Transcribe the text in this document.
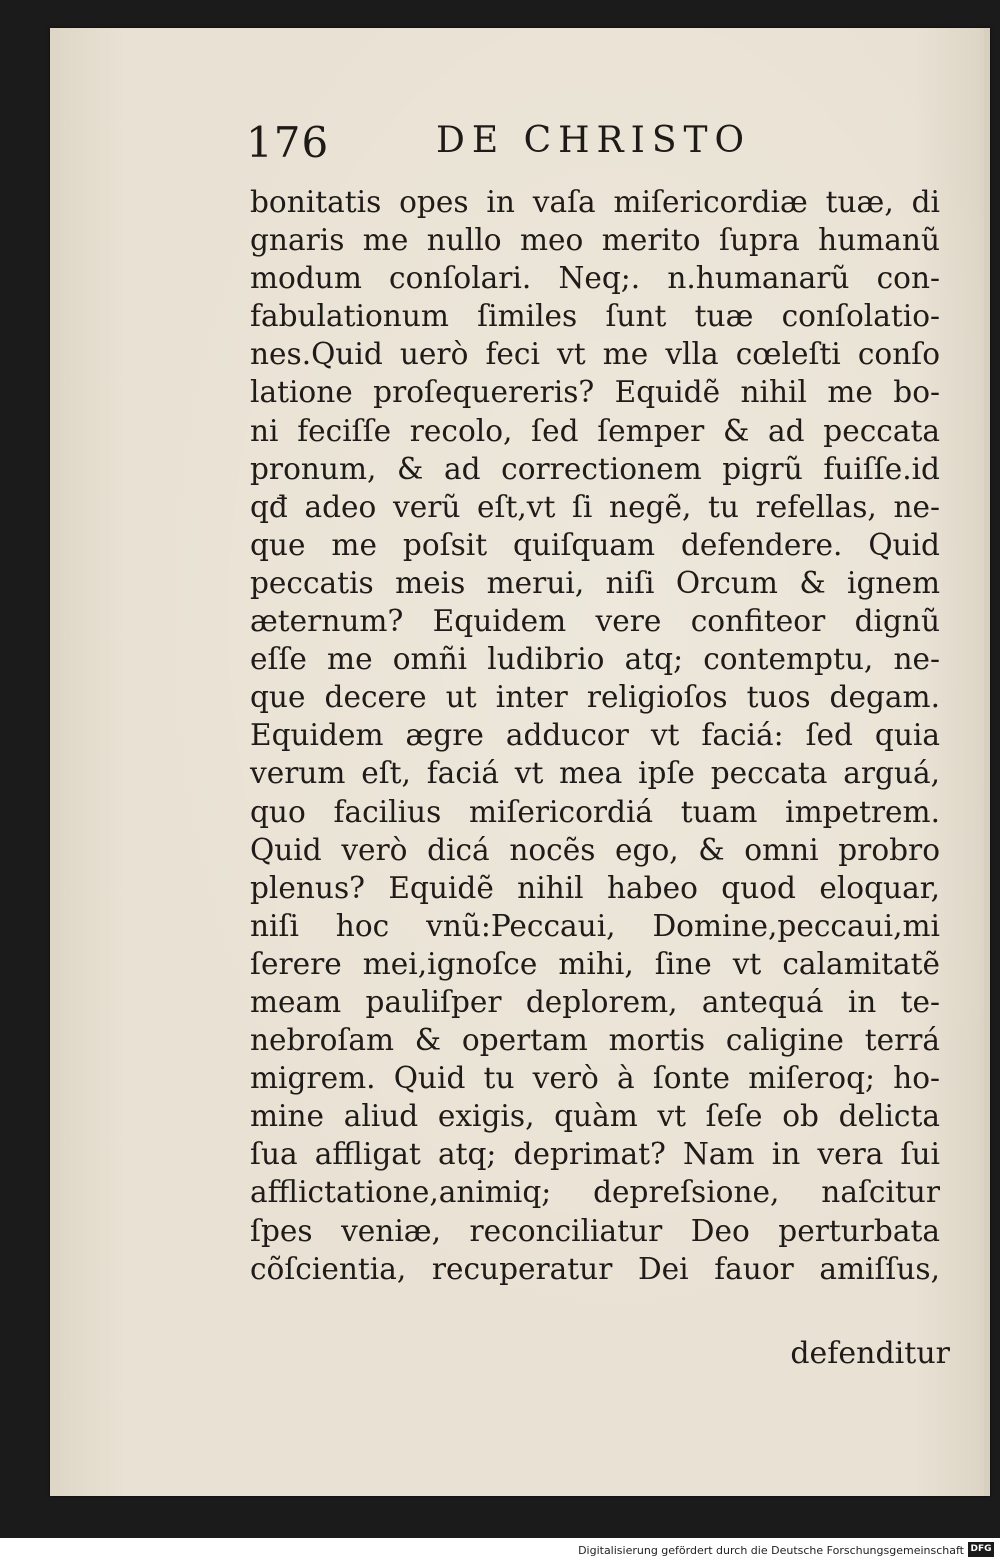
176	DE CHRISTO
bonitatis opes in vaſa miſericordiæ tuæ, di
gnaris me nullo meo merito ſupra humanũ
modum conſolari. Neq;. n.humanarũ con-
fabulationum ſimiles ſunt tuæ conſolatio-
nes.Quid uerò feci vt me vlla cœleſti conſo
latione proſequereris? Equidẽ nihil me bo-
ni feciſſe recolo, ſed ſemper & ad peccata
pronum, & ad correctionem pigrũ fuiſſe.id
qđ adeo verũ eſt,vt ſi negẽ, tu refellas, ne-
que me poſsit quiſquam defendere. Quid
peccatis meis merui, niſi Orcum & ignem
æternum? Equidem vere confiteor dignũ
eſſe me omñi ludibrio atq; contemptu, ne-
que decere ut inter religioſos tuos degam.
Equidem ægre adducor vt faciá: ſed quia
verum eſt, faciá vt mea ipſe peccata arguá,
quo facilius miſericordiá tuam impetrem.
Quid verò dicá nocẽs ego, & omni probro
plenus? Equidẽ nihil habeo quod eloquar,
niſi hoc vnũ:Peccaui, Domine,peccaui,mi
ſerere mei,ignoſce mihi, ſine vt calamitatẽ
meam pauliſper deplorem, antequá in te-
nebroſam & opertam mortis caligine terrá
migrem. Quid tu verò à ſonte miſeroq; ho-
mine aliud exigis, quàm vt ſeſe ob delicta
ſua affligat atq; deprimat? Nam in vera ſui
afflictatione,animiq; depreſsione, naſcitur
ſpes veniæ, reconciliatur Deo perturbata
cõſcientia, recuperatur Dei fauor amiſſus,
defenditur
Digitalisierung gefördert durch die Deutsche Forschungsgemeinschaft DFG
